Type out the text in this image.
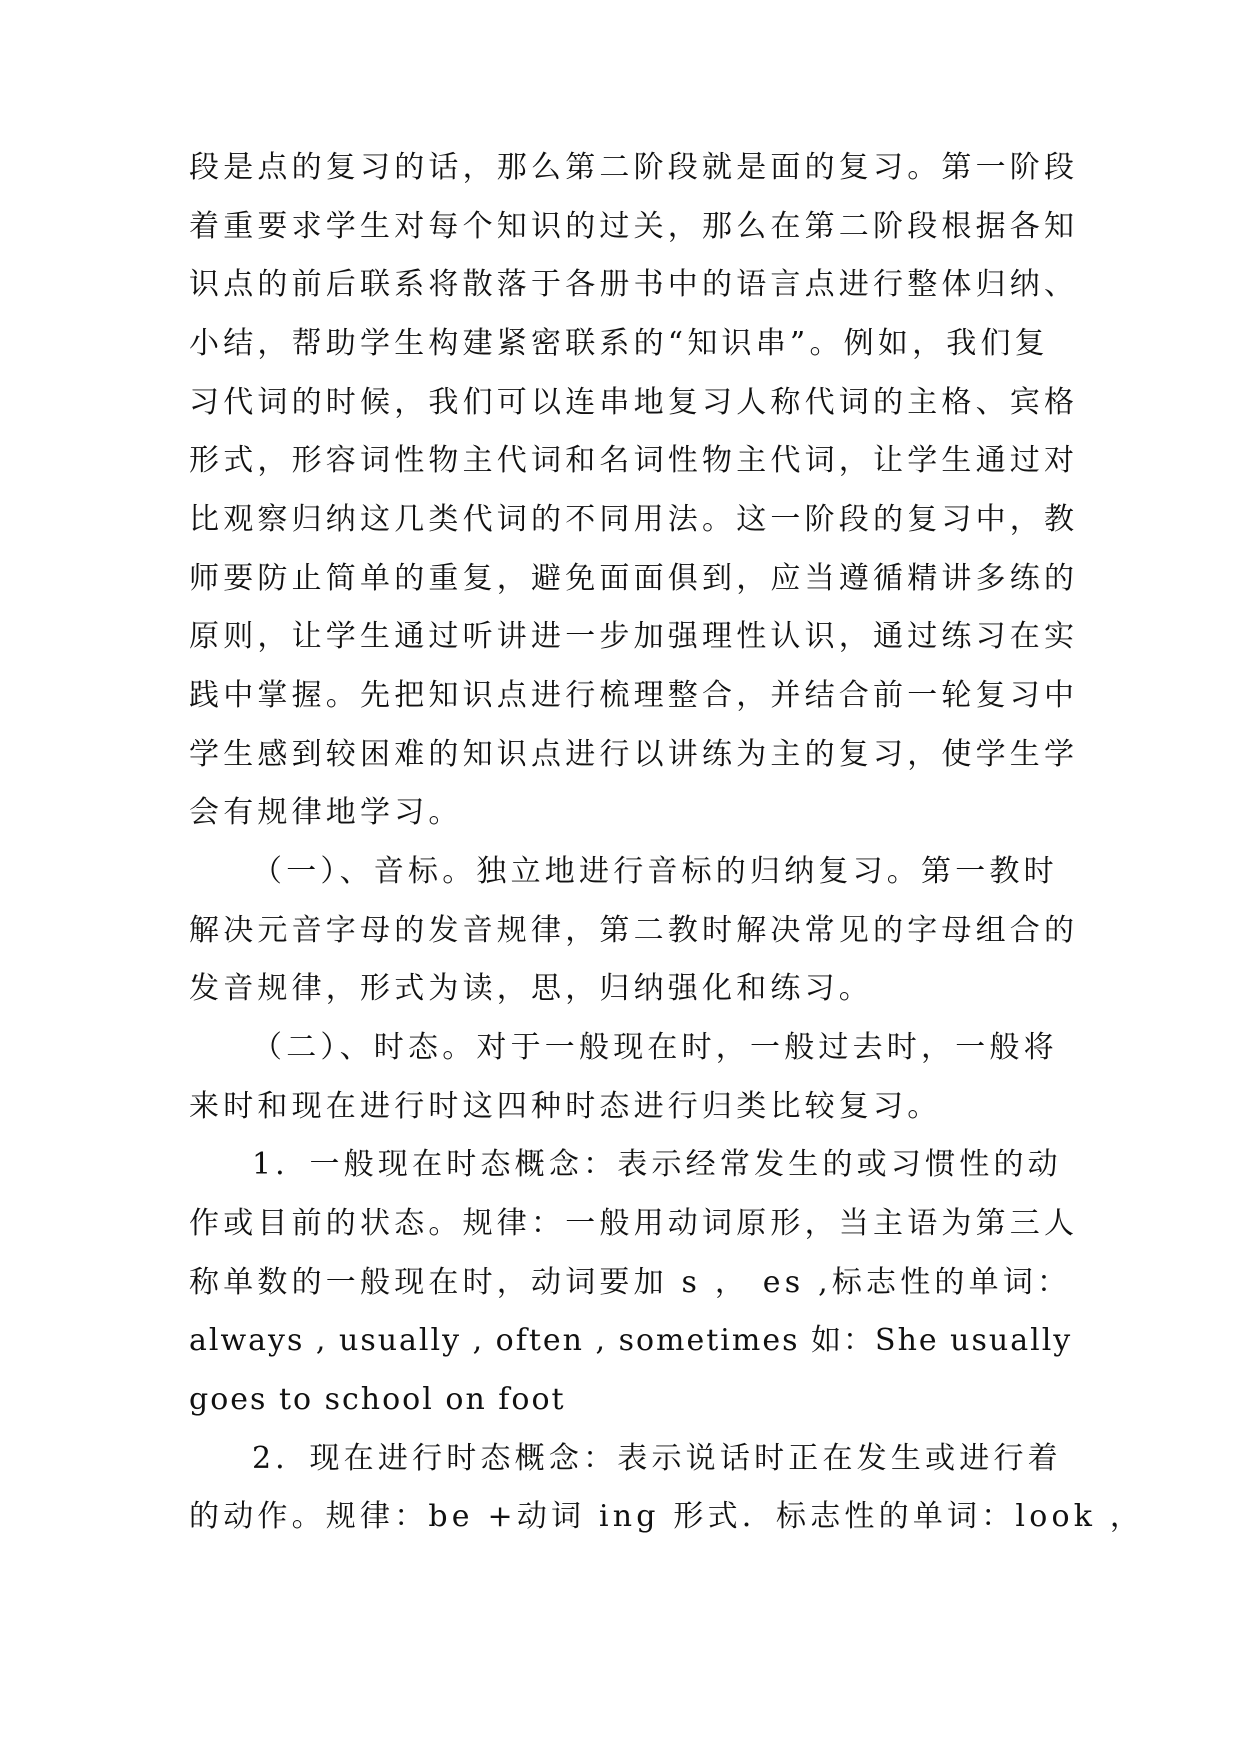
段是点的复习的话，那么第二阶段就是面的复习。第一阶段
着重要求学生对每个知识的过关，那么在第二阶段根据各知
识点的前后联系将散落于各册书中的语言点进行整体归纳、
小结，帮助学生构建紧密联系的“知识串”。例如，我们复
习代词的时候，我们可以连串地复习人称代词的主格、宾格
形式，形容词性物主代词和名词性物主代词，让学生通过对
比观察归纳这几类代词的不同用法。这一阶段的复习中，教
师要防止简单的重复，避免面面俱到，应当遵循精讲多练的
原则，让学生通过听讲进一步加强理性认识，通过练习在实
践中掌握。先把知识点进行梳理整合，并结合前一轮复习中
学生感到较困难的知识点进行以讲练为主的复习，使学生学
会有规律地学习。
（一）、音标。独立地进行音标的归纳复习。第一教时
解决元音字母的发音规律，第二教时解决常见的字母组合的
发音规律，形式为读，思，归纳强化和练习。
（二）、时态。对于一般现在时，一般过去时，一般将
来时和现在进行时这四种时态进行归类比较复习。
1．一般现在时态概念：表示经常发生的或习惯性的动
作或目前的状态。规律：一般用动词原形，当主语为第三人
称单数的一般现在时，动词要加 s ， es ,标志性的单词：
always , usually , often , sometimes 如：She usually
goes to school on foot
2．现在进行时态概念：表示说话时正在发生或进行着
的动作。规律：be +动词 ing 形式．标志性的单词：look ，
